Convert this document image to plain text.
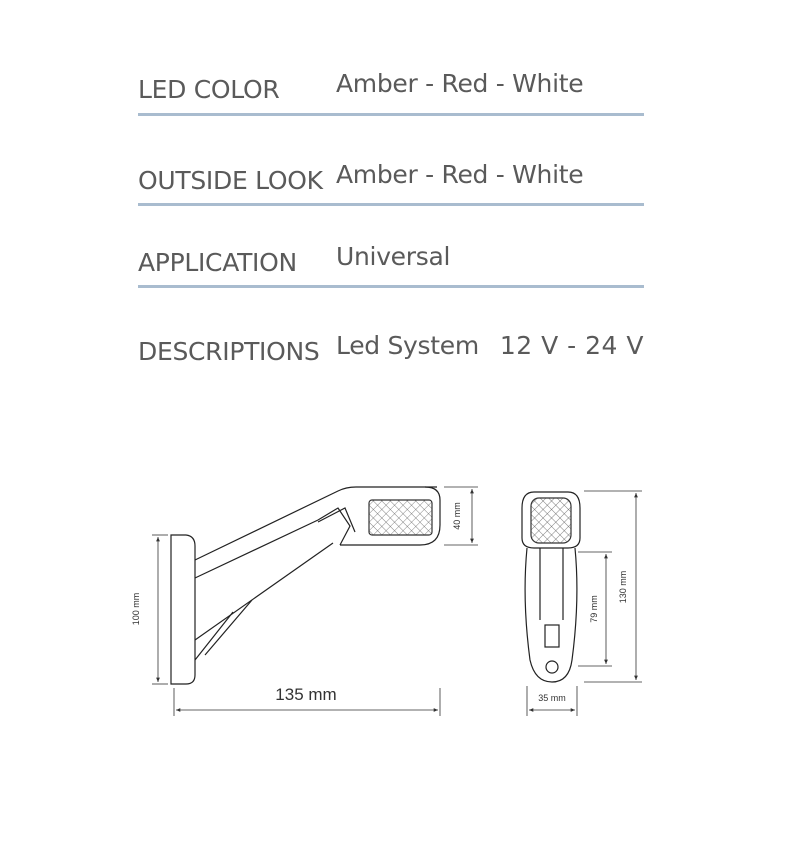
LED COLOR Amber - Red - White
OUTSIDE LOOK Amber - Red - White
APPLICATION Universal
DESCRIPTIONS Led System 12 V - 24 V
100 mm
135 mm
40 mm
35 mm
79 mm
130 mm
